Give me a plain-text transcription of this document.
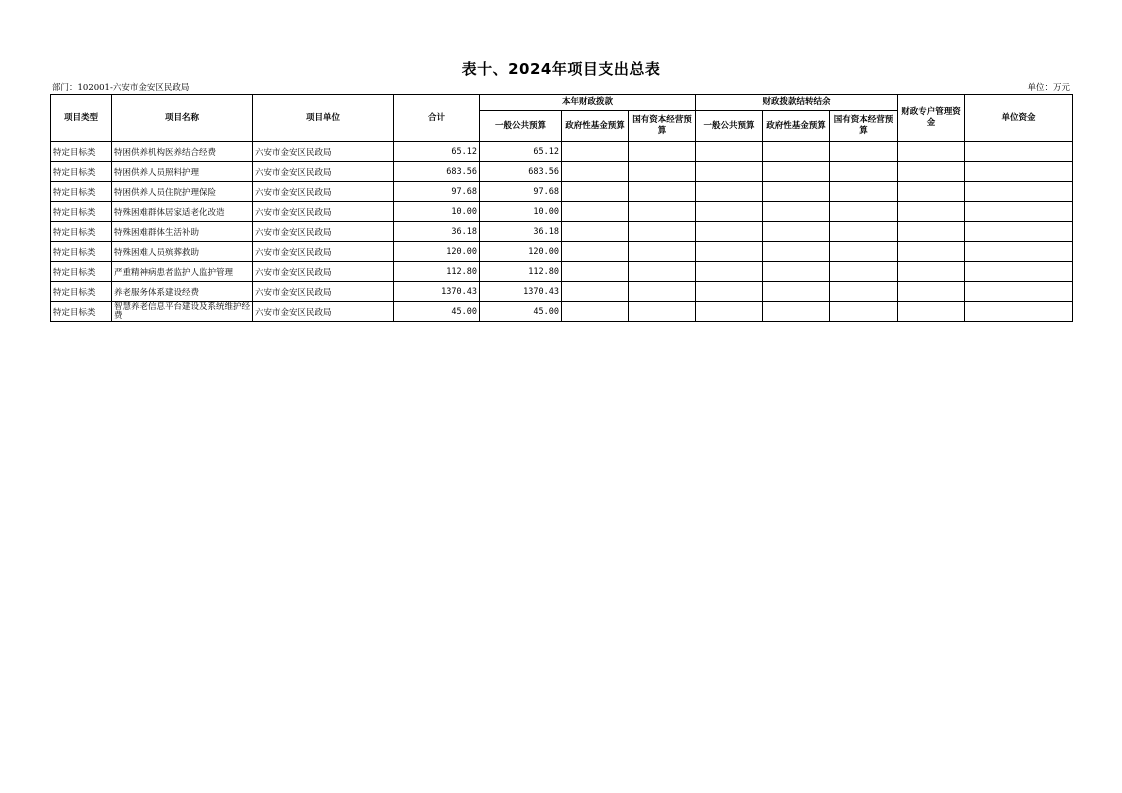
表十、2024年项目支出总表
部门：102001-六安市金安区民政局	单位：万元
项目类型	项目名称	项目单位	合计	本年财政拨款			财政拨款结转结余			财政专户管理资金	单位资金
				一般公共预算	政府性基金预算	国有资本经营预算	一般公共预算	政府性基金预算	国有资本经营预算		
特定目标类	特困供养机构医养结合经费	六安市金安区民政局	65.12	65.12							
特定目标类	特困供养人员照料护理	六安市金安区民政局	683.56	683.56							
特定目标类	特困供养人员住院护理保险	六安市金安区民政局	97.68	97.68							
特定目标类	特殊困难群体居家适老化改造	六安市金安区民政局	10.00	10.00							
特定目标类	特殊困难群体生活补助	六安市金安区民政局	36.18	36.18							
特定目标类	特殊困难人员殡葬救助	六安市金安区民政局	120.00	120.00							
特定目标类	严重精神病患者监护人监护管理	六安市金安区民政局	112.80	112.80							
特定目标类	养老服务体系建设经费	六安市金安区民政局	1370.43	1370.43							
特定目标类	智慧养老信息平台建设及系统维护经费	六安市金安区民政局	45.00	45.00							
